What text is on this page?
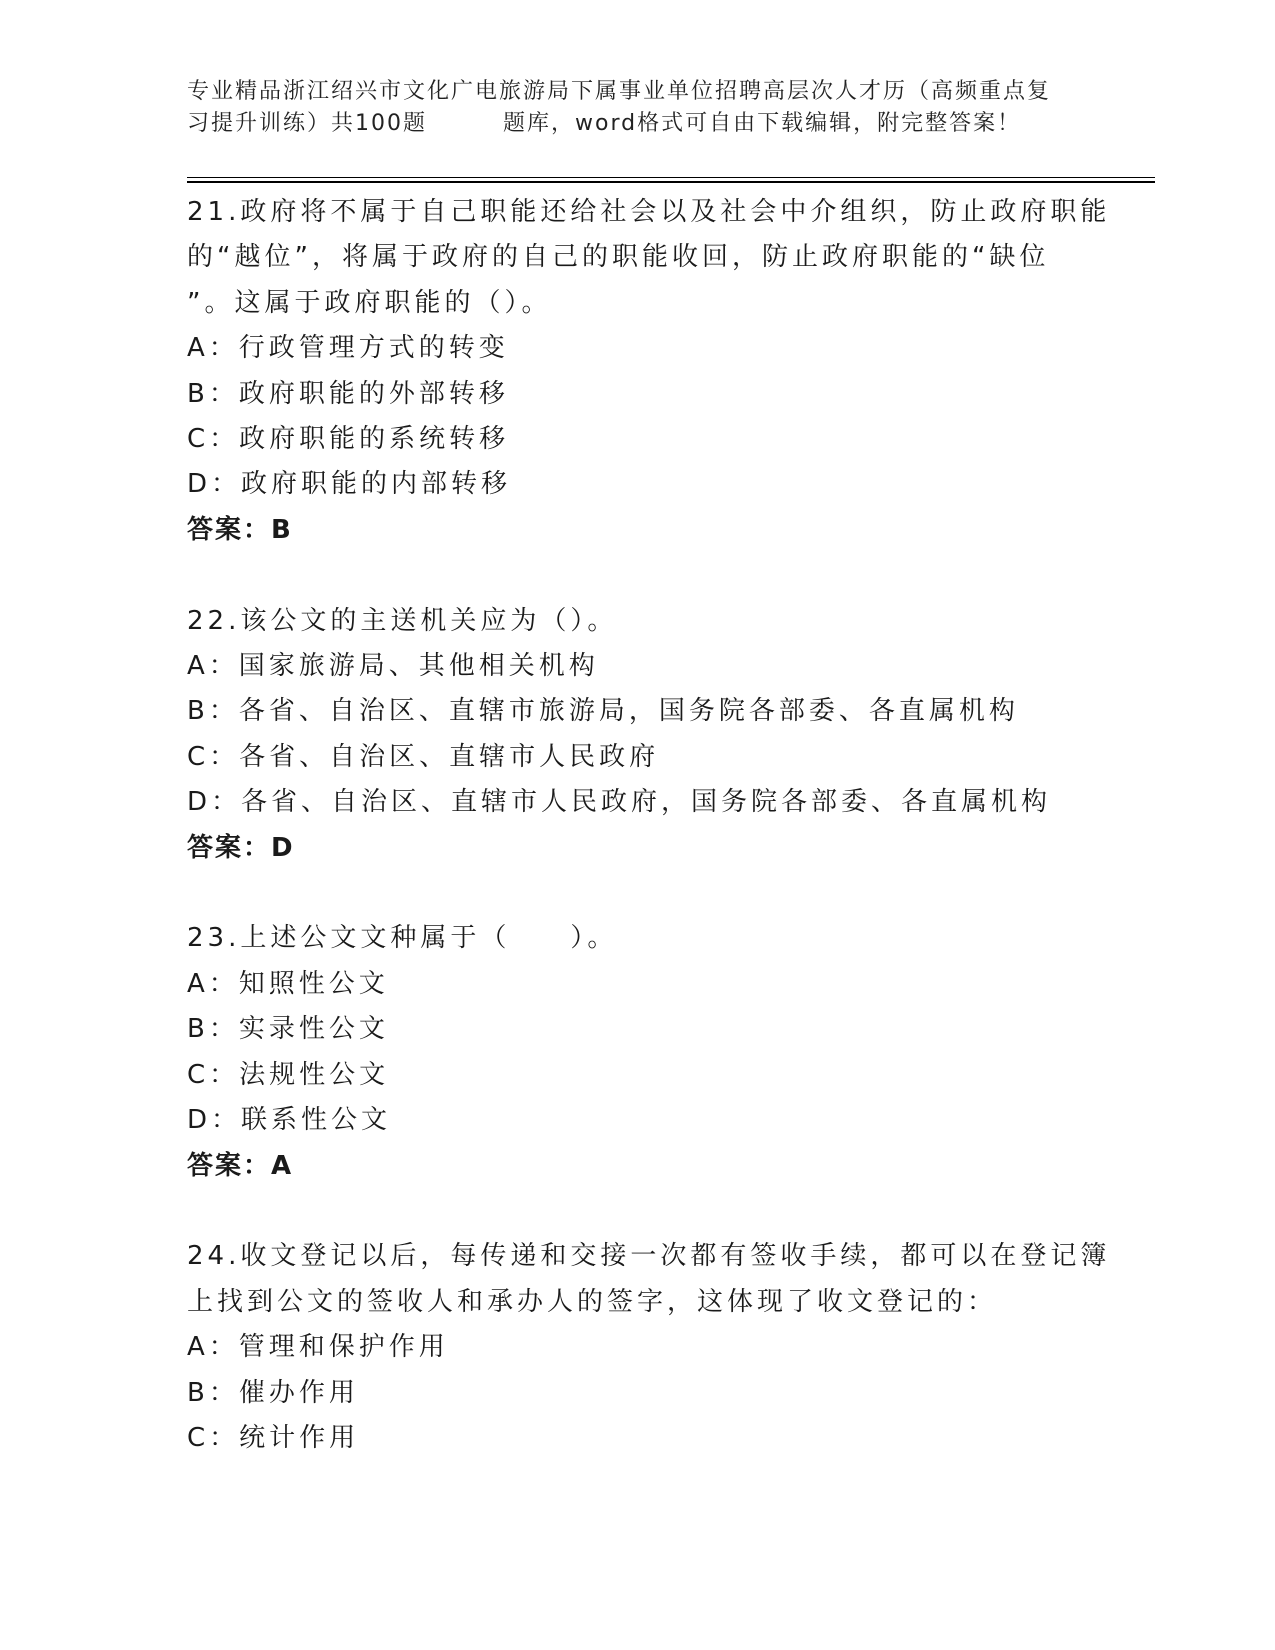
专业精品浙江绍兴市文化广电旅游局下属事业单位招聘高层次人才历（高频重点复
习提升训练）共100题	题库，word格式可自由下载编辑，附完整答案！
21.政府将不属于自己职能还给社会以及社会中介组织，防止政府职能
的“越位”，将属于政府的自己的职能收回，防止政府职能的“缺位
”。这属于政府职能的（）。
A：行政管理方式的转变
B：政府职能的外部转移
C：政府职能的系统转移
D：政府职能的内部转移
答案：B
22.该公文的主送机关应为（）。
A：国家旅游局、其他相关机构
B：各省、自治区、直辖市旅游局，国务院各部委、各直属机构
C：各省、自治区、直辖市人民政府
D：各省、自治区、直辖市人民政府，国务院各部委、各直属机构
答案：D
23.上述公文文种属于（　　）。
A：知照性公文
B：实录性公文
C：法规性公文
D：联系性公文
答案：A
24.收文登记以后，每传递和交接一次都有签收手续，都可以在登记簿
上找到公文的签收人和承办人的签字，这体现了收文登记的：
A：管理和保护作用
B：催办作用
C：统计作用
